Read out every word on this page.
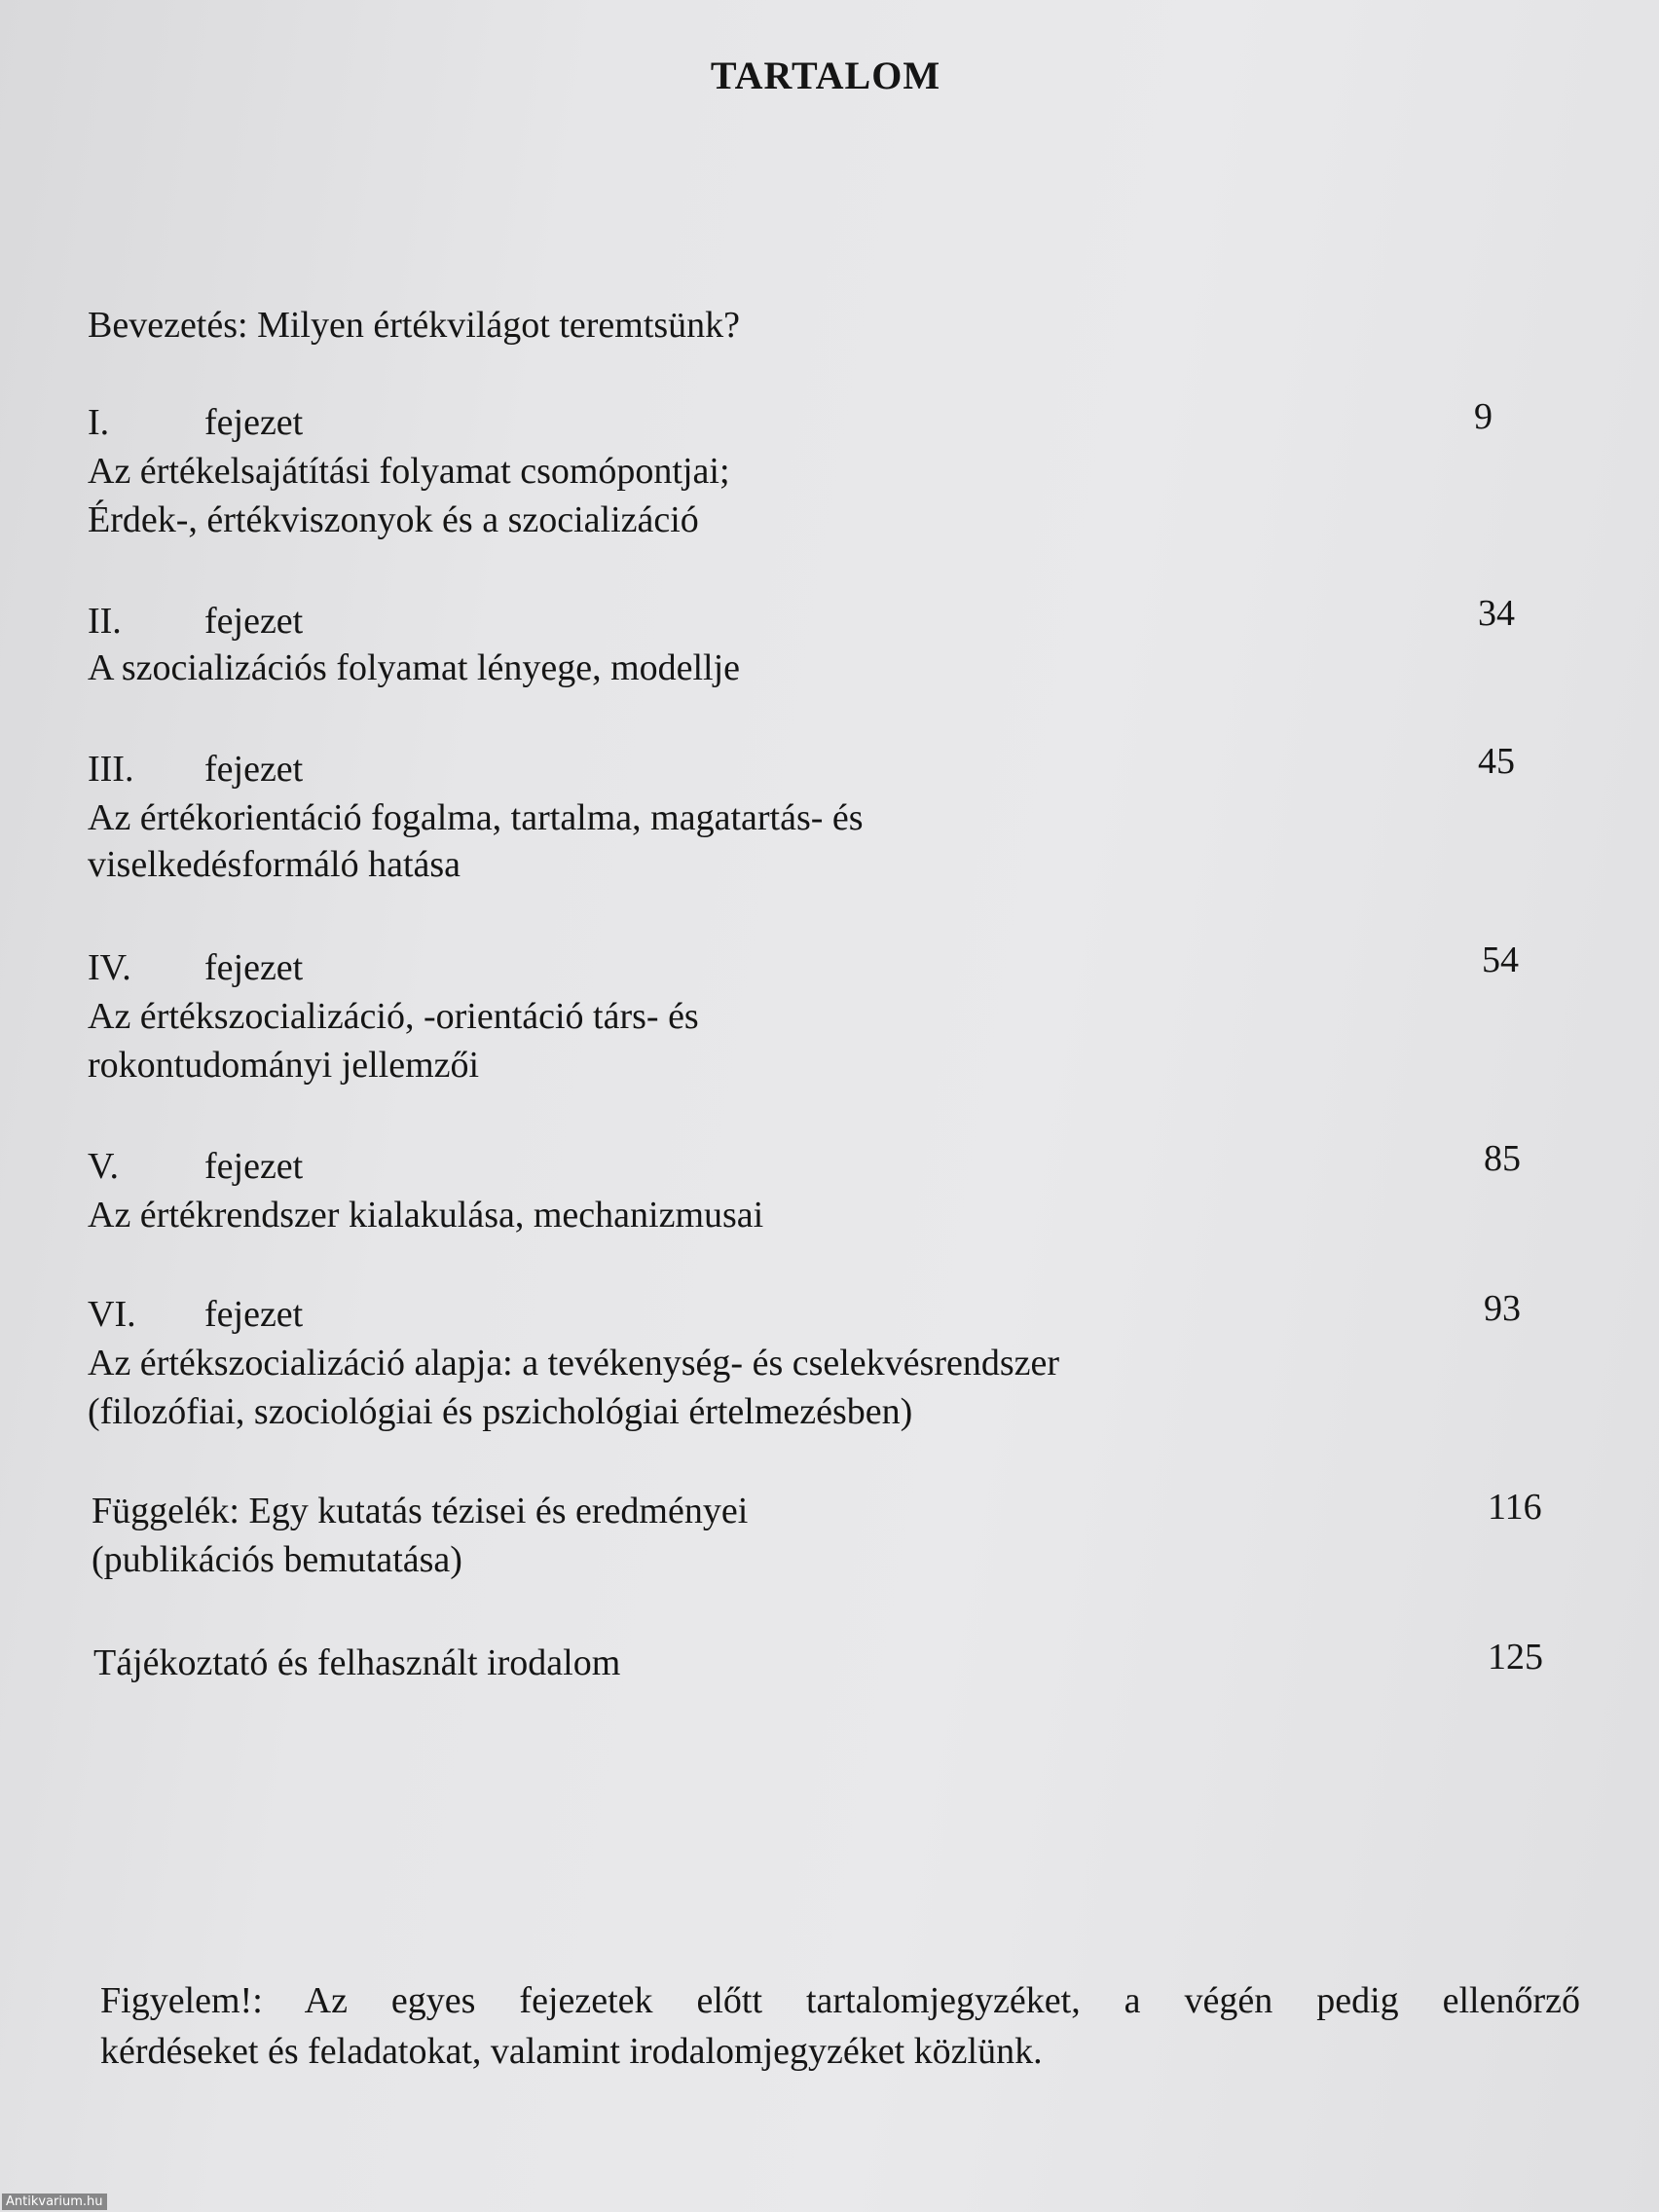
TARTALOM
Bevezetés: Milyen értékvilágot teremtsünk?
I.	fejezet	9
Az értékelsajátítási folyamat csomópontjai;
Érdek-, értékviszonyok és a szocializáció
II. fejezet	34
A szocializációs folyamat lényege, modellje
III. fejezet	45
Az értékorientáció fogalma, tartalma, magatartás- és
viselkedésformáló hatása
IV. fejezet	54
Az értékszocializáció, -orientáció társ- és
rokontudományi jellemzői
V. fejezet	85
Az értékrendszer kialakulása, mechanizmusai
VI. fejezet	93
Az értékszocializáció alapja: a tevékenység- és cselekvésrendszer
(filozófiai, szociológiai és pszichológiai értelmezésben)
Függelék: Egy kutatás tézisei és eredményei
(publikációs bemutatása)
116
Tájékoztató és felhasznált irodalom	125
Figyelem!: Az egyes fejezetek előtt tartalomjegyzéket, a végén pedig ellenőrző
kérdéseket és feladatokat, valamint irodalomjegyzéket közlünk.
Antikvarium.hu
